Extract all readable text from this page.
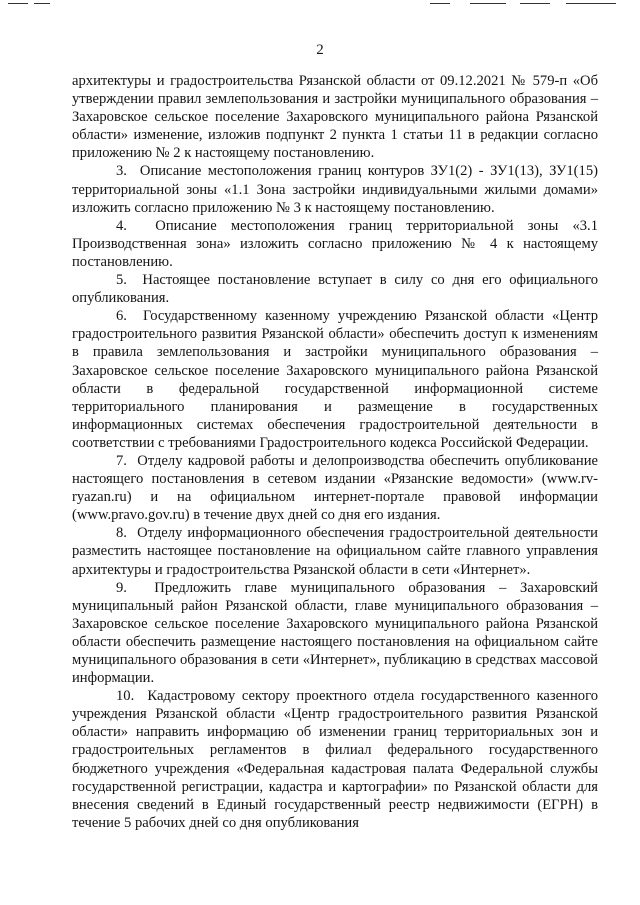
2

архитектуры и градостроительства Рязанской области от 09.12.2021 № 579-п «Об утверждении правил землепользования и застройки муниципального образования – Захаровское сельское поселение Захаровского муниципального района Рязанской области» изменение, изложив подпункт 2 пункта 1 статьи 11 в редакции согласно приложению № 2 к настоящему постановлению.

3.  Описание местоположения границ контуров ЗУ1(2) - ЗУ1(13), ЗУ1(15) территориальной зоны «1.1 Зона застройки индивидуальными жилыми домами» изложить согласно приложению № 3 к настоящему постановлению.

4.  Описание местоположения границ территориальной зоны «3.1 Производственная зона» изложить согласно приложению № 4 к настоящему постановлению.

5.  Настоящее постановление вступает в силу со дня его официального опубликования.

6.  Государственному казенному учреждению Рязанской области «Центр градостроительного развития Рязанской области» обеспечить доступ к изменениям в правила землепользования и застройки муниципального образования – Захаровское сельское поселение Захаровского муниципального района Рязанской области в федеральной государственной информационной системе территориального планирования и размещение в государственных информационных системах обеспечения градостроительной деятельности в соответствии с требованиями Градостроительного кодекса Российской Федерации.

7.  Отделу кадровой работы и делопроизводства обеспечить опубликование настоящего постановления в сетевом издании «Рязанские ведомости» (www.rv-ryazan.ru) и на официальном интернет-портале правовой информации (www.pravo.gov.ru) в течение двух дней со дня его издания.

8.  Отделу информационного обеспечения градостроительной деятельности разместить настоящее постановление на официальном сайте главного управления архитектуры и градостроительства Рязанской области в сети «Интернет».

9.  Предложить главе муниципального образования – Захаровский муниципальный район Рязанской области, главе муниципального образования – Захаровское сельское поселение Захаровского муниципального района Рязанской области обеспечить размещение настоящего постановления на официальном сайте муниципального образования в сети «Интернет», публикацию в средствах массовой информации.

10.  Кадастровому сектору проектного отдела государственного казенного учреждения Рязанской области «Центр градостроительного развития Рязанской области» направить информацию об изменении границ территориальных зон и градостроительных регламентов в филиал федерального государственного бюджетного учреждения «Федеральная кадастровая палата Федеральной службы государственной регистрации, кадастра и картографии» по Рязанской области для внесения сведений в Единый государственный реестр недвижимости (ЕГРН) в течение 5 рабочих дней со дня опубликования
